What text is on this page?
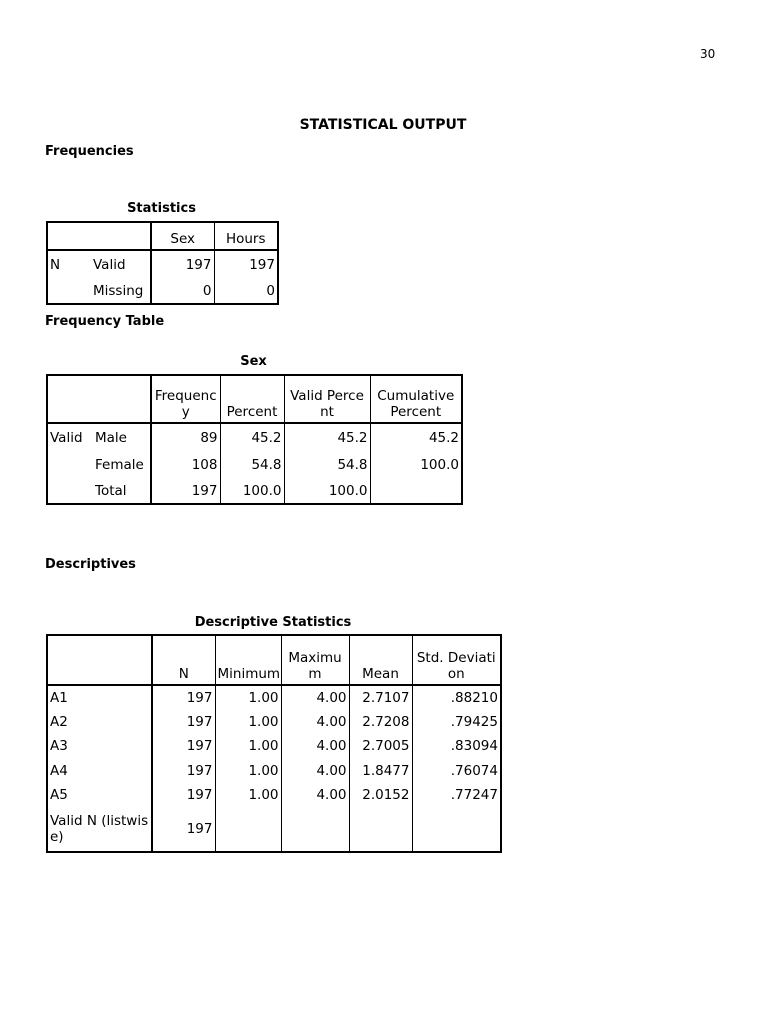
30
STATISTICAL OUTPUT
Frequencies
Statistics
		Sex	Hours
N	Valid	197	197
	Missing	0	0
Frequency Table
Sex
		Frequency	Percent	Valid Percent	Cumulative Percent
Valid	Male	89	45.2	45.2	45.2
	Female	108	54.8	54.8	100.0
	Total	197	100.0	100.0	
Descriptives
Descriptive Statistics
	N	Minimum	Maximum	Mean	Std. Deviation
A1	197	1.00	4.00	2.7107	.88210
A2	197	1.00	4.00	2.7208	.79425
A3	197	1.00	4.00	2.7005	.83094
A4	197	1.00	4.00	1.8477	.76074
A5	197	1.00	4.00	2.0152	.77247
Valid N (listwise)	197				
